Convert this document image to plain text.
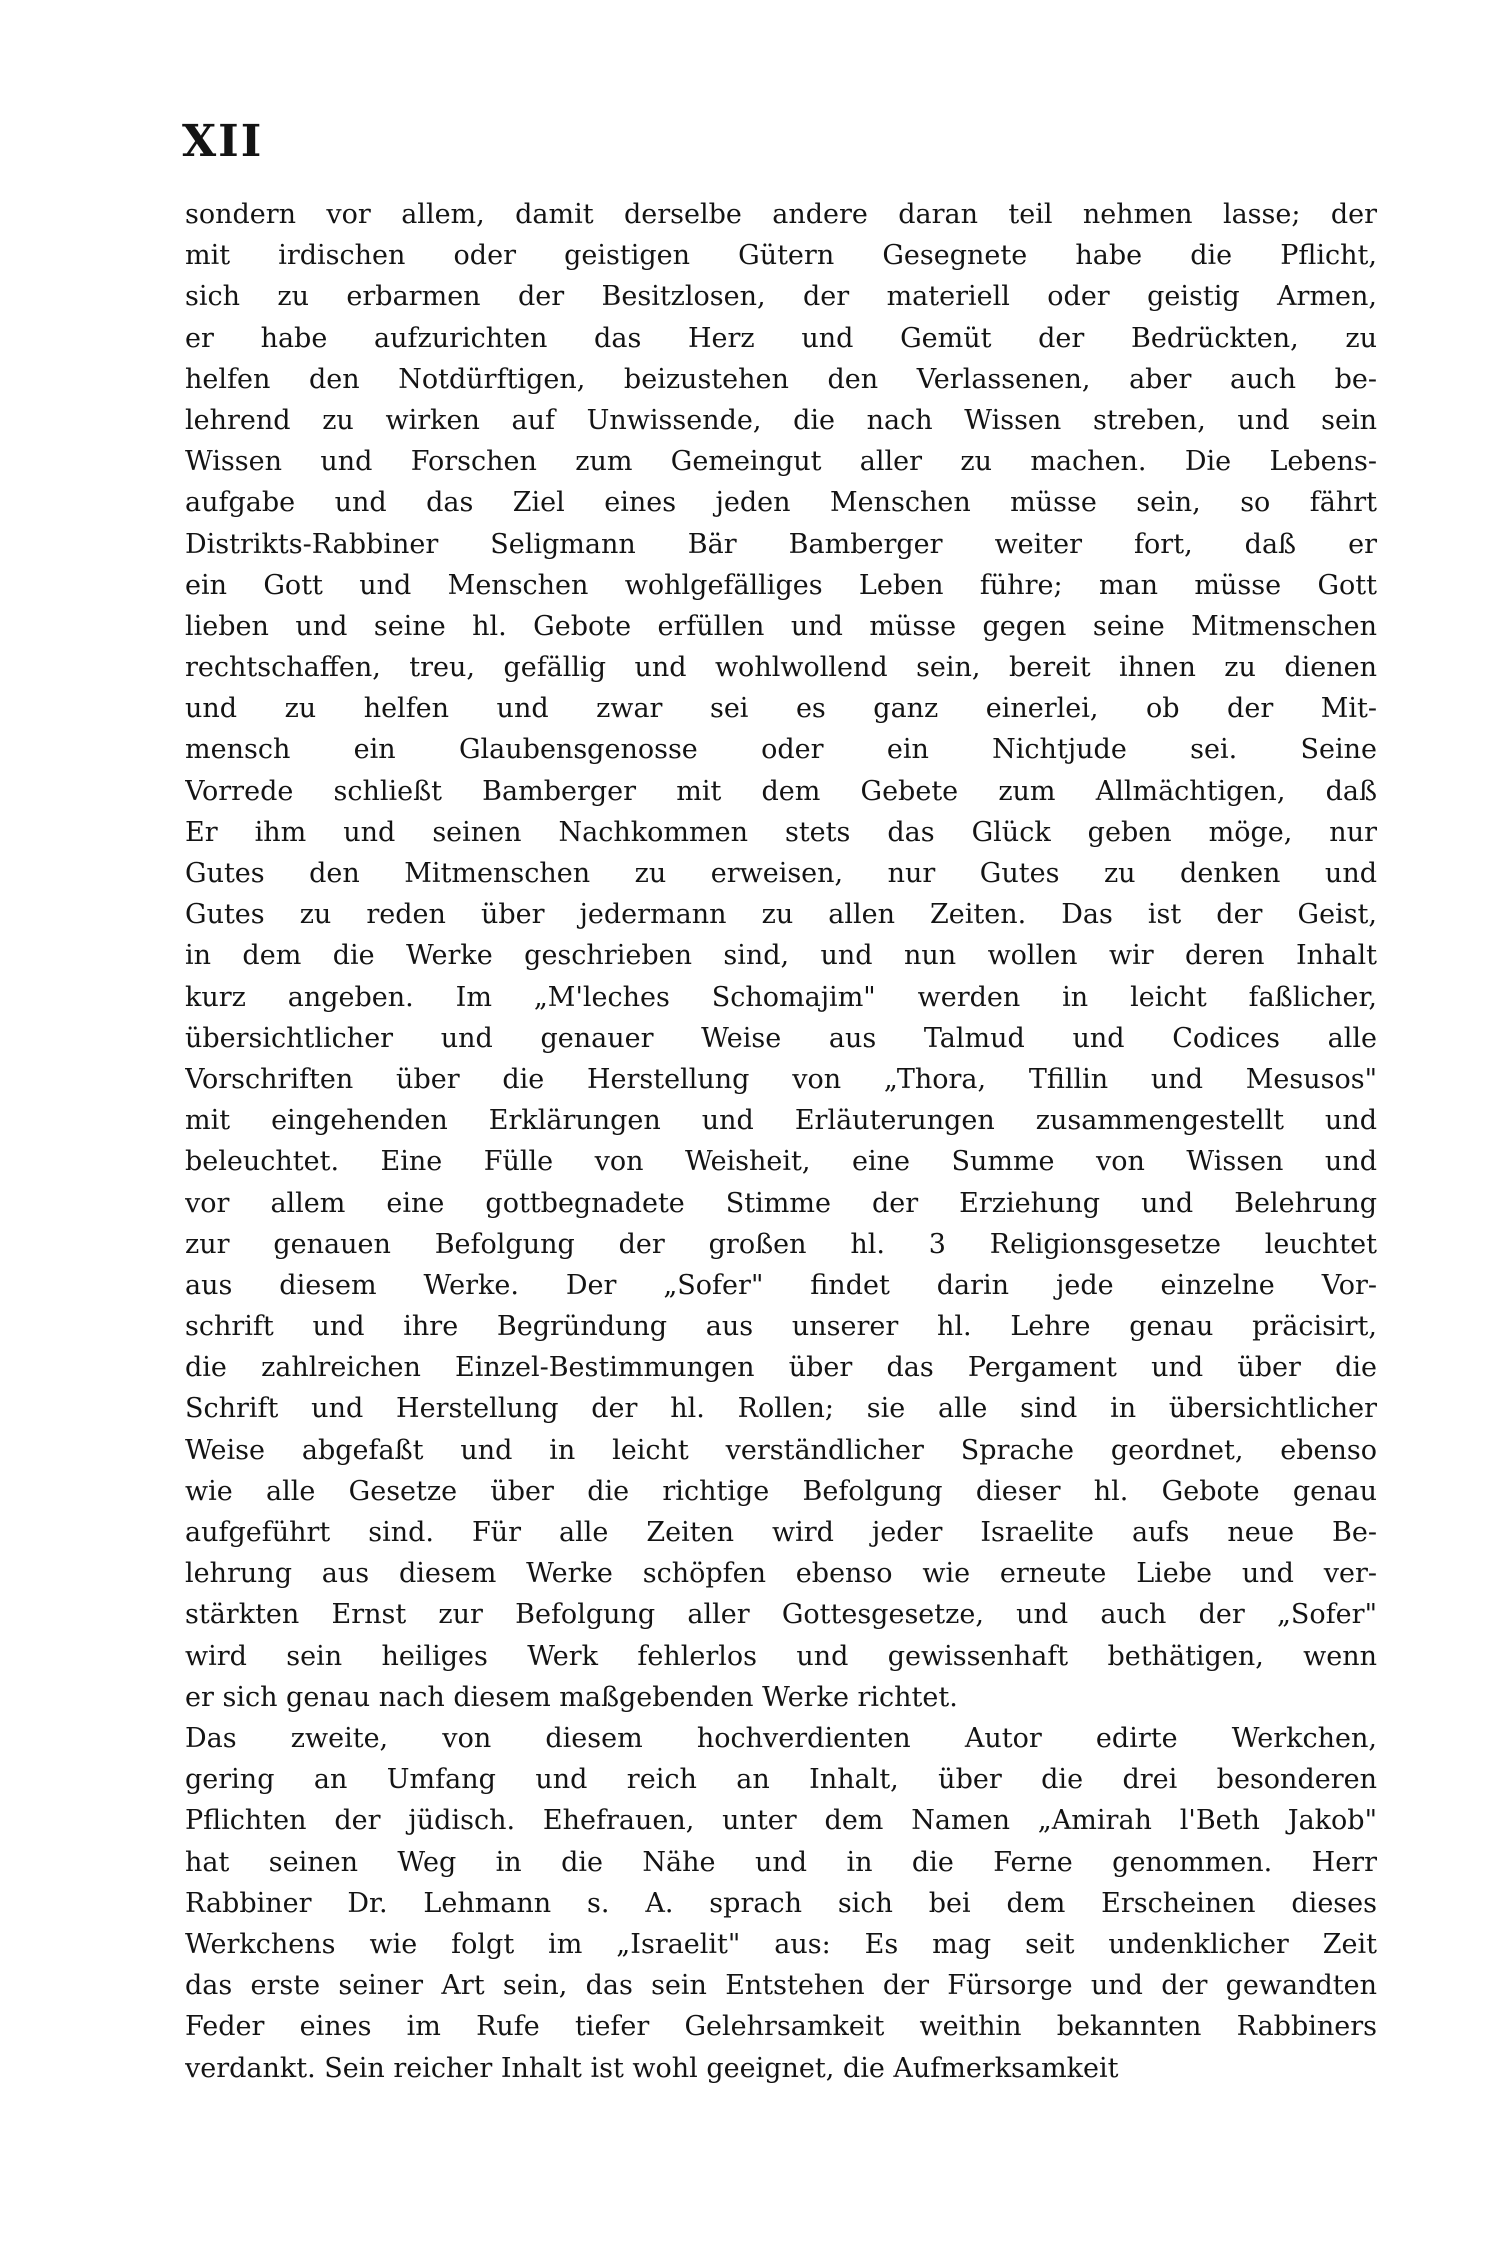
XII
sondern vor allem, damit derselbe andere daran teil nehmen lasse; der
mit irdischen oder geistigen Gütern Gesegnete habe die Pflicht,
sich zu erbarmen der Besitzlosen, der materiell oder geistig Armen,
er habe aufzurichten das Herz und Gemüt der Bedrückten, zu
helfen den Notdürftigen, beizustehen den Verlassenen, aber auch be-
lehrend zu wirken auf Unwissende, die nach Wissen streben, und sein
Wissen und Forschen zum Gemeingut aller zu machen. Die Lebens-
aufgabe und das Ziel eines jeden Menschen müsse sein, so fährt
Distrikts-Rabbiner Seligmann Bär Bamberger weiter fort, daß er
ein Gott und Menschen wohlgefälliges Leben führe; man müsse Gott
lieben und seine hl. Gebote erfüllen und müsse gegen seine Mitmenschen
rechtschaffen, treu, gefällig und wohlwollend sein, bereit ihnen zu dienen
und zu helfen und zwar sei es ganz einerlei, ob der Mit-
mensch ein Glaubensgenosse oder ein Nichtjude sei. Seine
Vorrede schließt Bamberger mit dem Gebete zum Allmächtigen, daß
Er ihm und seinen Nachkommen stets das Glück geben möge, nur
Gutes den Mitmenschen zu erweisen, nur Gutes zu denken und
Gutes zu reden über jedermann zu allen Zeiten. Das ist der Geist,
in dem die Werke geschrieben sind, und nun wollen wir deren Inhalt
kurz angeben. Im „M'leches Schomajim" werden in leicht faßlicher,
übersichtlicher und genauer Weise aus Talmud und Codices alle
Vorschriften über die Herstellung von „Thora, Tfillin und Mesusos"
mit eingehenden Erklärungen und Erläuterungen zusammengestellt und
beleuchtet. Eine Fülle von Weisheit, eine Summe von Wissen und
vor allem eine gottbegnadete Stimme der Erziehung und Belehrung
zur genauen Befolgung der großen hl. 3 Religionsgesetze leuchtet
aus diesem Werke. Der „Sofer" findet darin jede einzelne Vor-
schrift und ihre Begründung aus unserer hl. Lehre genau präcisirt,
die zahlreichen Einzel-Bestimmungen über das Pergament und über die
Schrift und Herstellung der hl. Rollen; sie alle sind in übersichtlicher
Weise abgefaßt und in leicht verständlicher Sprache geordnet, ebenso
wie alle Gesetze über die richtige Befolgung dieser hl. Gebote genau
aufgeführt sind. Für alle Zeiten wird jeder Israelite aufs neue Be-
lehrung aus diesem Werke schöpfen ebenso wie erneute Liebe und ver-
stärkten Ernst zur Befolgung aller Gottesgesetze, und auch der „Sofer"
wird sein heiliges Werk fehlerlos und gewissenhaft bethätigen, wenn
er sich genau nach diesem maßgebenden Werke richtet.
Das zweite, von diesem hochverdienten Autor edirte Werkchen,
gering an Umfang und reich an Inhalt, über die drei besonderen
Pflichten der jüdisch. Ehefrauen, unter dem Namen „Amirah l'Beth Jakob"
hat seinen Weg in die Nähe und in die Ferne genommen. Herr
Rabbiner Dr. Lehmann s. A. sprach sich bei dem Erscheinen dieses
Werkchens wie folgt im „Israelit" aus: Es mag seit undenklicher Zeit
das erste seiner Art sein, das sein Entstehen der Fürsorge und der gewandten
Feder eines im Rufe tiefer Gelehrsamkeit weithin bekannten Rabbiners
verdankt. Sein reicher Inhalt ist wohl geeignet, die Aufmerksamkeit
